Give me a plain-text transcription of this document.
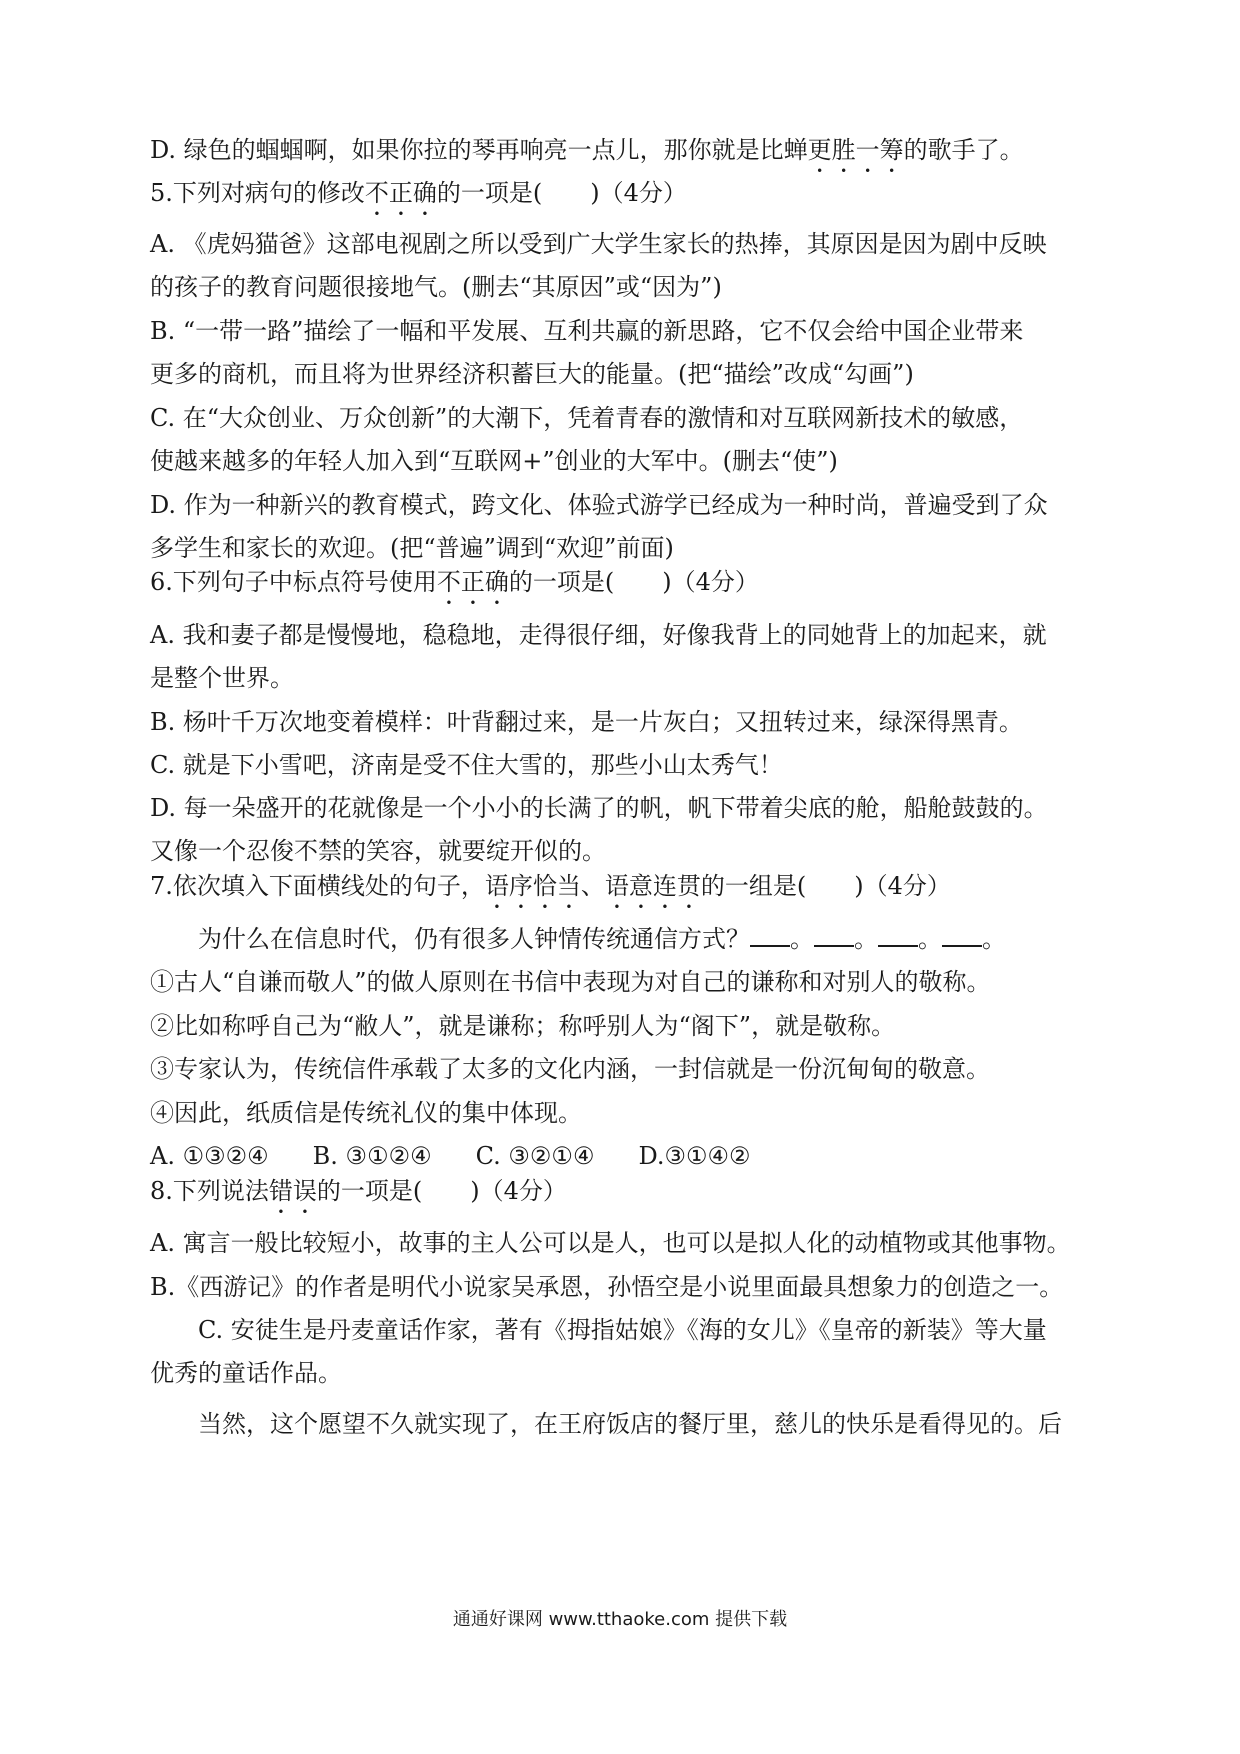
D. 绿色的蝈蝈啊，如果你拉的琴再响亮一点儿，那你就是比蝉更胜一筹的歌手了。
5.下列对病句的修改不正确的一项是(　　)（4分）
A. 《虎妈猫爸》这部电视剧之所以受到广大学生家长的热捧，其原因是因为剧中反映
的孩子的教育问题很接地气。(删去“其原因”或“因为”)
B. “一带一路”描绘了一幅和平发展、互利共赢的新思路，它不仅会给中国企业带来
更多的商机，而且将为世界经济积蓄巨大的能量。(把“描绘”改成“勾画”)
C. 在“大众创业、万众创新”的大潮下，凭着青春的激情和对互联网新技术的敏感，
使越来越多的年轻人加入到“互联网+”创业的大军中。(删去“使”)
D. 作为一种新兴的教育模式，跨文化、体验式游学已经成为一种时尚，普遍受到了众
多学生和家长的欢迎。(把“普遍”调到“欢迎”前面)
6.下列句子中标点符号使用不正确的一项是(　　)（4分）
A. 我和妻子都是慢慢地，稳稳地，走得很仔细，好像我背上的同她背上的加起来，就
是整个世界。
B. 杨叶千万次地变着模样：叶背翻过来，是一片灰白；又扭转过来，绿深得黑青。
C. 就是下小雪吧，济南是受不住大雪的，那些小山太秀气！
D. 每一朵盛开的花就像是一个小小的长满了的帆，帆下带着尖底的舱，船舱鼓鼓的。
又像一个忍俊不禁的笑容，就要绽开似的。
7.依次填入下面横线处的句子，语序恰当、语意连贯的一组是(　　)（4分）
为什么在信息时代，仍有很多人钟情传统通信方式？ 。 。 。 。
①古人“自谦而敬人”的做人原则在书信中表现为对自己的谦称和对别人的敬称。
②比如称呼自己为“敝人”，就是谦称；称呼别人为“阁下”，就是敬称。
③专家认为，传统信件承载了太多的文化内涵，一封信就是一份沉甸甸的敬意。
④因此，纸质信是传统礼仪的集中体现。
A. ①③②④ B. ③①②④ C. ③②①④ D.③①④②
8.下列说法错误的一项是(　　)（4分）
A. 寓言一般比较短小，故事的主人公可以是人，也可以是拟人化的动植物或其他事物。
B.《西游记》的作者是明代小说家吴承恩，孙悟空是小说里面最具想象力的创造之一。
C. 安徒生是丹麦童话作家，著有《拇指姑娘》《海的女儿》《皇帝的新装》等大量
优秀的童话作品。
当然，这个愿望不久就实现了，在王府饭店的餐厅里，慈儿的快乐是看得见的。后
通通好课网 www.tthaoke.com 提供下载
